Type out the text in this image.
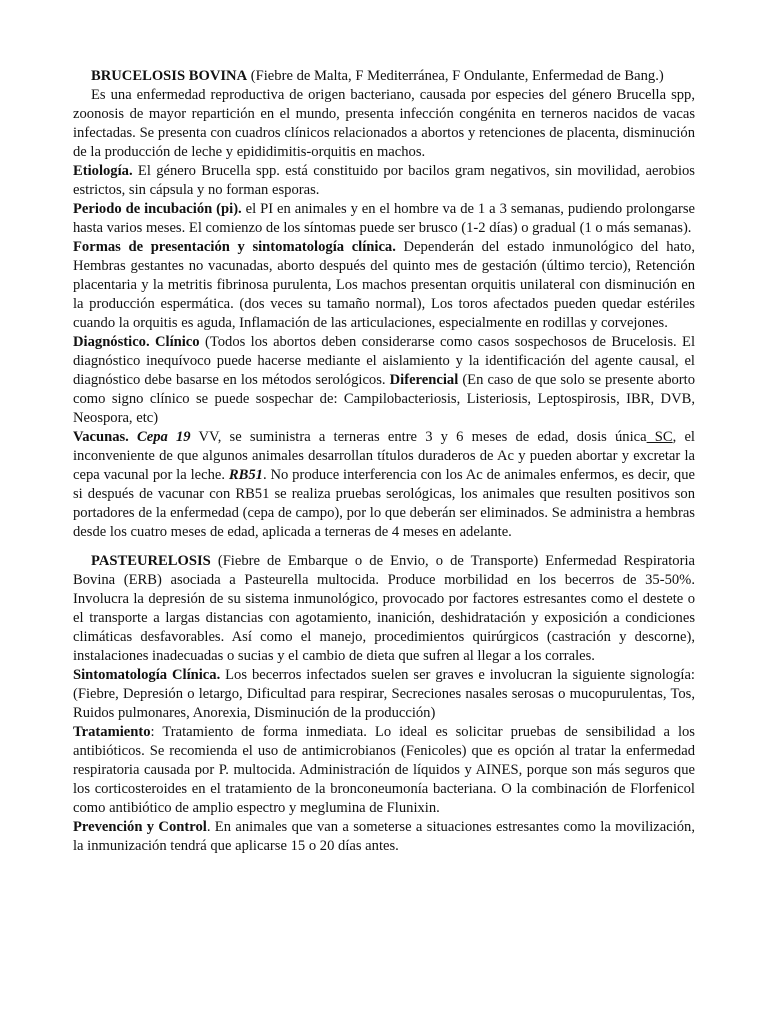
BRUCELOSIS BOVINA (Fiebre de Malta, F Mediterránea, F Ondulante, Enfermedad de Bang.)

Es una enfermedad reproductiva de origen bacteriano, causada por especies del género Brucella spp, zoonosis de mayor repartición en el mundo, presenta infección congénita en terneros nacidos de vacas infectadas. Se presenta con cuadros clínicos relacionados a abortos y retenciones de placenta, disminución de la producción de leche y epididimitis-orquitis en machos.

Etiología. El género Brucella spp. está constituido por bacilos gram negativos, sin movilidad, aerobios estrictos, sin cápsula y no forman esporas.

Periodo de incubación (pi). el PI en animales y en el hombre va de 1 a 3 semanas, pudiendo prolongarse hasta varios meses. El comienzo de los síntomas puede ser brusco (1-2 días) o gradual (1 o más semanas).

Formas de presentación y sintomatología clínica. Dependerán del estado inmunológico del hato, Hembras gestantes no vacunadas, aborto después del quinto mes de gestación (último tercio), Retención placentaria y la metritis fibrinosa purulenta, Los machos presentan orquitis unilateral con disminución en la producción espermática. (dos veces su tamaño normal), Los toros afectados pueden quedar estériles cuando la orquitis es aguda, Inflamación de las articulaciones, especialmente en rodillas y corvejones.

Diagnóstico. Clínico (Todos los abortos deben considerarse como casos sospechosos de Brucelosis. El diagnóstico inequívoco puede hacerse mediante el aislamiento y la identificación del agente causal, el diagnóstico debe basarse en los métodos serológicos. Diferencial (En caso de que solo se presente aborto como signo clínico se puede sospechar de: Campilobacteriosis, Listeriosis, Leptospirosis, IBR, DVB, Neospora, etc)

Vacunas. Cepa 19 VV, se suministra a terneras entre 3 y 6 meses de edad, dosis única SC, el inconveniente de que algunos animales desarrollan títulos duraderos de Ac y pueden abortar y excretar la cepa vacunal por la leche. RB51. No produce interferencia con los Ac de animales enfermos, es decir, que si después de vacunar con RB51 se realiza pruebas serológicas, los animales que resulten positivos son portadores de la enfermedad (cepa de campo), por lo que deberán ser eliminados. Se administra a hembras desde los cuatro meses de edad, aplicada a terneras de 4 meses en adelante.

PASTEURELOSIS (Fiebre de Embarque o de Envio, o de Transporte) Enfermedad Respiratoria Bovina (ERB) asociada a Pasteurella multocida. Produce morbilidad en los becerros de 35-50%. Involucra la depresión de su sistema inmunológico, provocado por factores estresantes como el destete o el transporte a largas distancias con agotamiento, inanición, deshidratación y exposición a condiciones climáticas desfavorables. Así como el manejo, procedimientos quirúrgicos (castración y descorne), instalaciones inadecuadas o sucias y el cambio de dieta que sufren al llegar a los corrales.

Sintomatología Clínica. Los becerros infectados suelen ser graves e involucran la siguiente signología: (Fiebre, Depresión o letargo, Dificultad para respirar, Secreciones nasales serosas o mucopurulentas, Tos, Ruidos pulmonares, Anorexia, Disminución de la producción)

Tratamiento: Tratamiento de forma inmediata. Lo ideal es solicitar pruebas de sensibilidad a los antibióticos. Se recomienda el uso de antimicrobianos (Fenicoles) que es opción al tratar la enfermedad respiratoria causada por P. multocida. Administración de líquidos y AINES, porque son más seguros que los corticosteroides en el tratamiento de la bronconeumonía bacteriana. O la combinación de Florfenicol como antibiótico de amplio espectro y meglumina de Flunixin.

Prevención y Control. En animales que van a someterse a situaciones estresantes como la movilización, la inmunización tendrá que aplicarse 15 o 20 días antes.
